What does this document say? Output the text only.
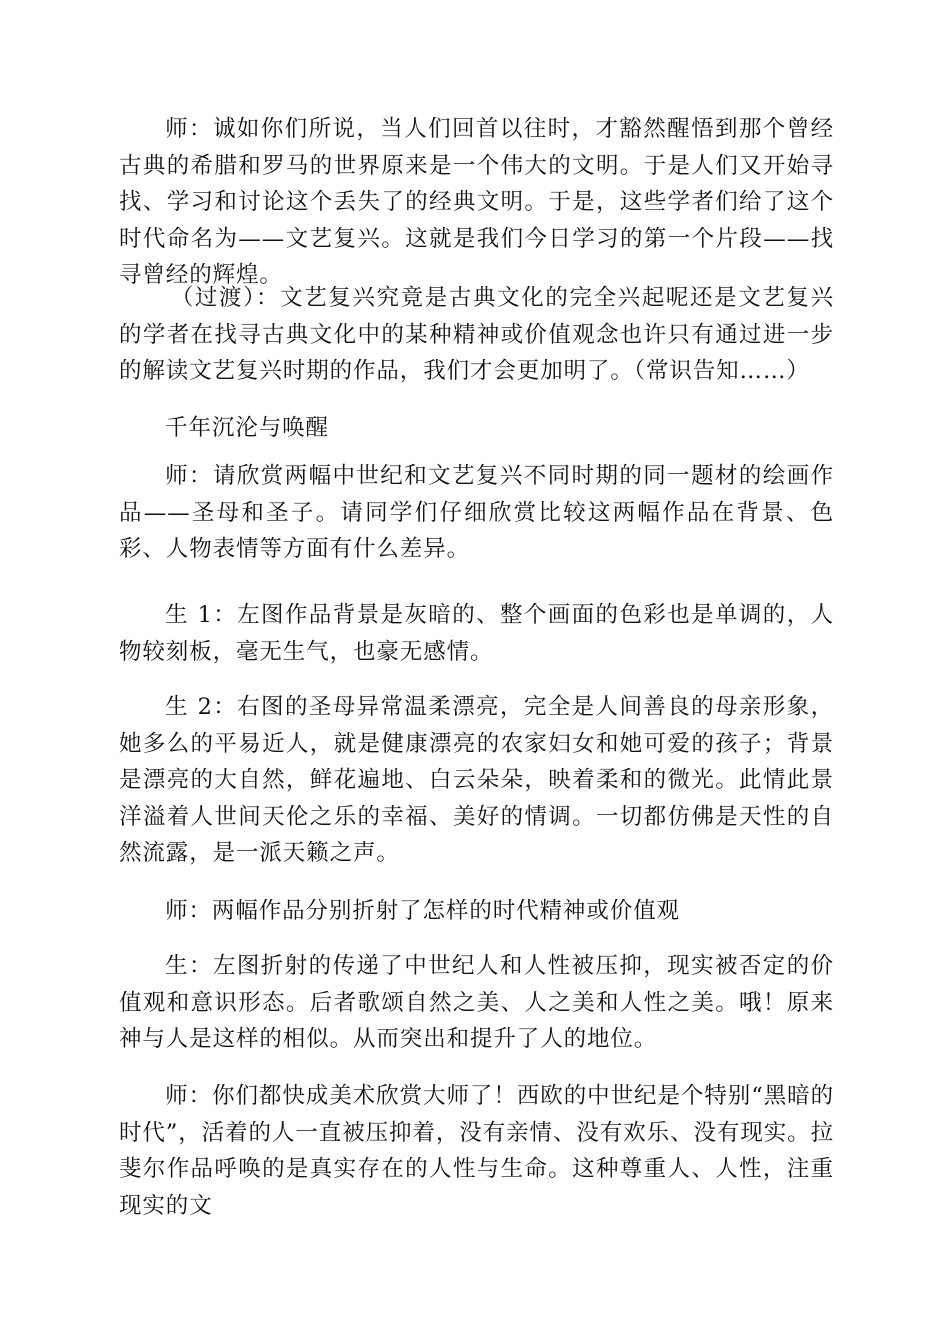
师：诚如你们所说，当人们回首以往时，才豁然醒悟到那个曾经古典的希腊和罗马的世界原来是一个伟大的文明。于是人们又开始寻找、学习和讨论这个丢失了的经典文明。于是，这些学者们给了这个时代命名为——文艺复兴。这就是我们今日学习的第一个片段——找寻曾经的辉煌。

（过渡）：文艺复兴究竟是古典文化的完全兴起呢还是文艺复兴的学者在找寻古典文化中的某种精神或价值观念也许只有通过进一步的解读文艺复兴时期的作品，我们才会更加明了。（常识告知……）

千年沉沦与唤醒

师：请欣赏两幅中世纪和文艺复兴不同时期的同一题材的绘画作品——圣母和圣子。请同学们仔细欣赏比较这两幅作品在背景、色彩、人物表情等方面有什么差异。

生 1：左图作品背景是灰暗的、整个画面的色彩也是单调的，人物较刻板，毫无生气，也豪无感情。

生 2：右图的圣母异常温柔漂亮，完全是人间善良的母亲形象，她多么的平易近人，就是健康漂亮的农家妇女和她可爱的孩子；背景是漂亮的大自然，鲜花遍地、白云朵朵，映着柔和的微光。此情此景洋溢着人世间天伦之乐的幸福、美好的情调。一切都仿佛是天性的自然流露，是一派天籁之声。

师：两幅作品分别折射了怎样的时代精神或价值观

生：左图折射的传递了中世纪人和人性被压抑，现实被否定的价值观和意识形态。后者歌颂自然之美、人之美和人性之美。哦！原来神与人是这样的相似。从而突出和提升了人的地位。

师：你们都快成美术欣赏大师了！西欧的中世纪是个特别“黑暗的时代”，活着的人一直被压抑着，没有亲情、没有欢乐、没有现实。拉斐尔作品呼唤的是真实存在的人性与生命。这种尊重人、人性，注重现实的文
